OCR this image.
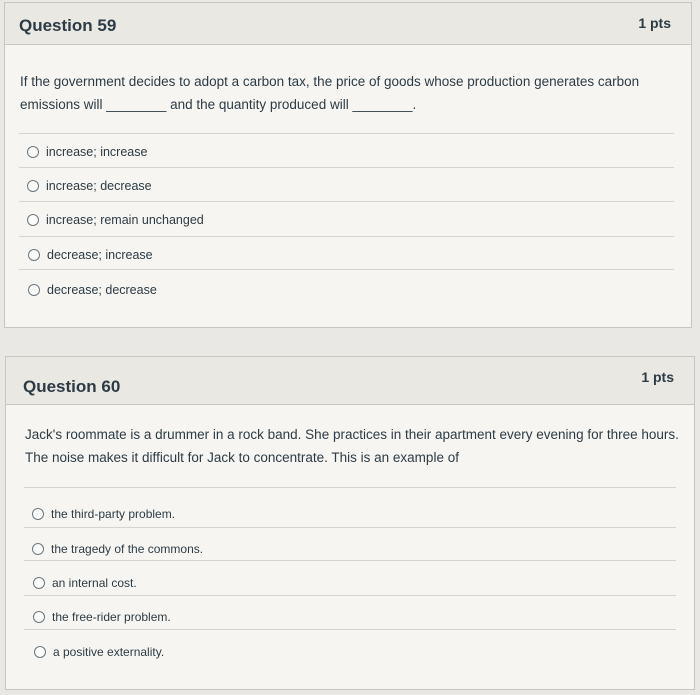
Question 59	1 pts
If the government decides to adopt a carbon tax, the price of goods whose production generates carbon emissions will ________ and the quantity produced will ________.
increase; increase
increase; decrease
increase; remain unchanged
decrease; increase
decrease; decrease
Question 60	1 pts
Jack's roommate is a drummer in a rock band. She practices in their apartment every evening for three hours. The noise makes it difficult for Jack to concentrate. This is an example of
the third-party problem.
the tragedy of the commons.
an internal cost.
the free-rider problem.
a positive externality.
